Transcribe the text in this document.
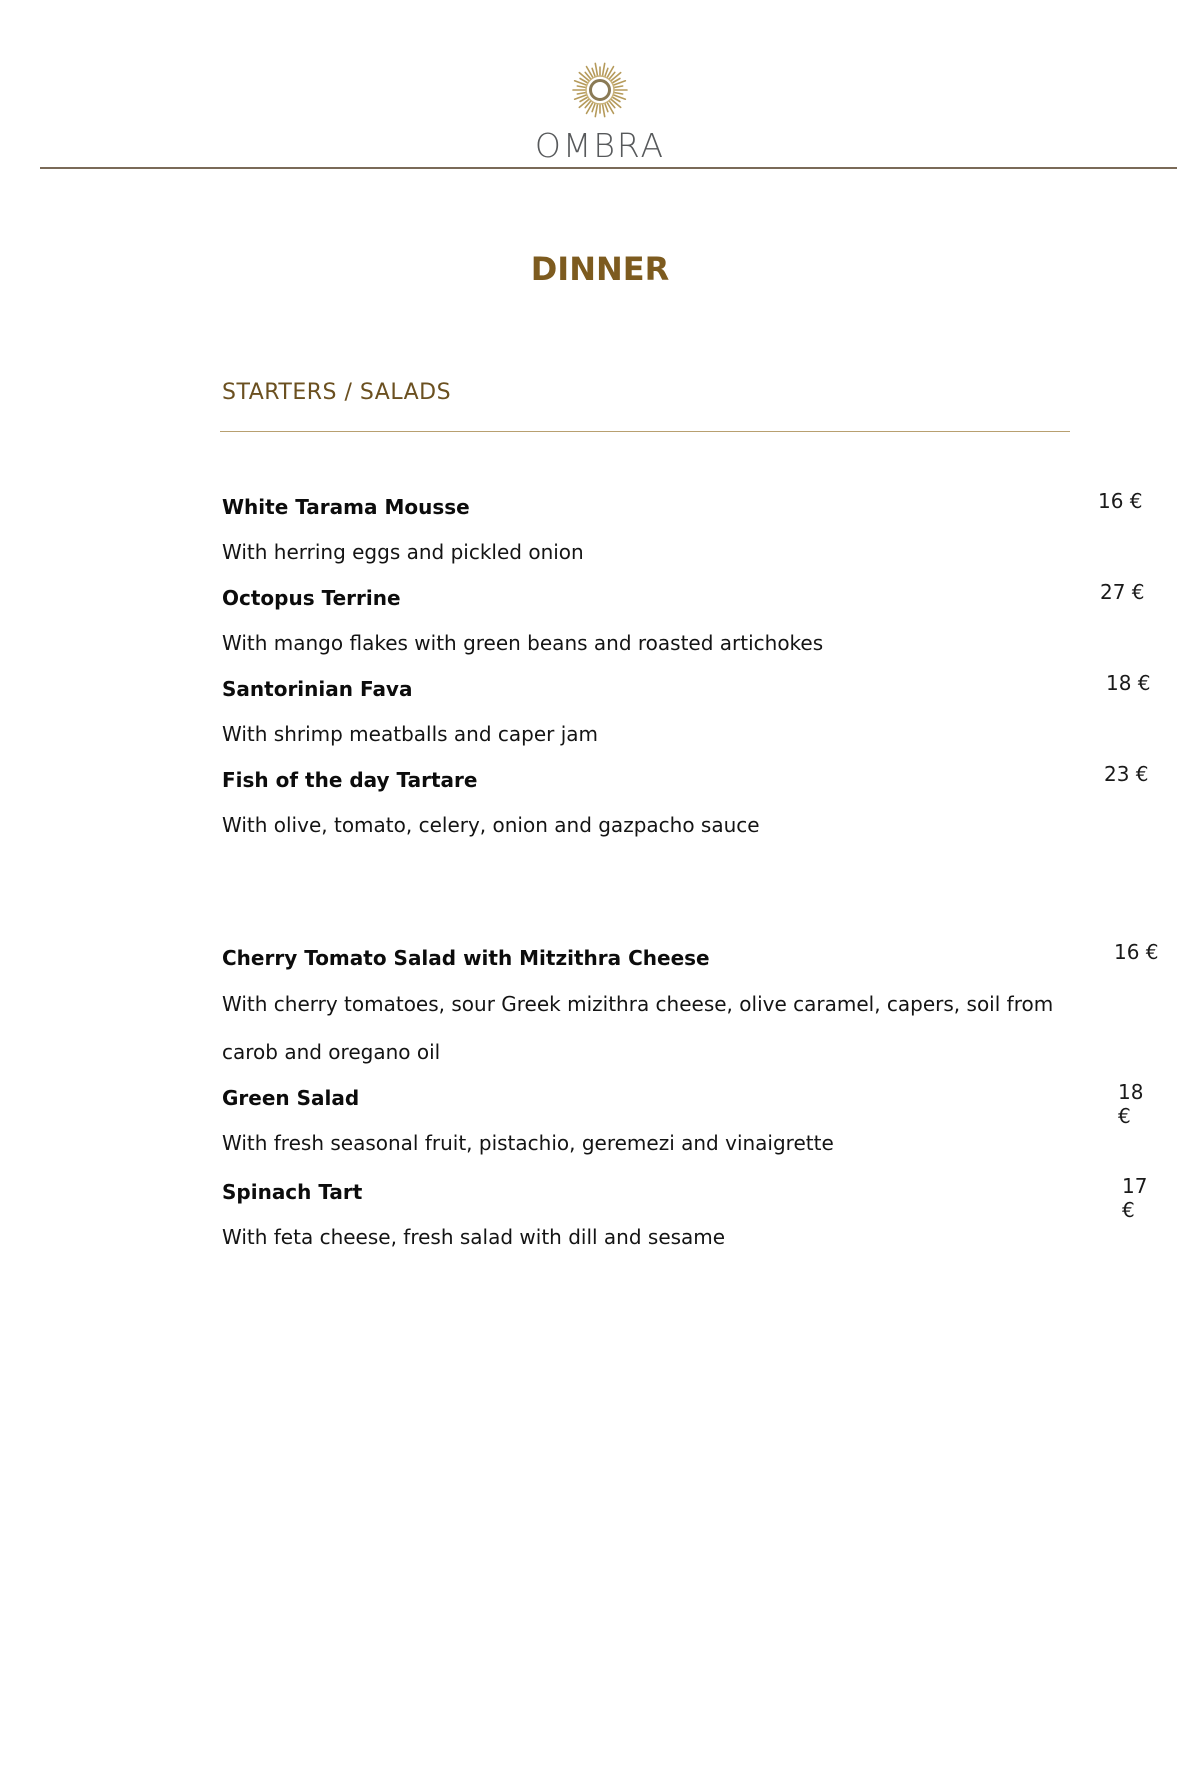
OMBRA
DINNER
STARTERS / SALADS
White Tarama Mousse
With herring eggs and pickled onion
16 €
Octopus Terrine
With mango flakes with green beans and roasted artichokes
27 €
Santorinian Fava
With shrimp meatballs and caper jam
18 €
Fish of the day Tartare
With olive, tomato, celery, onion and gazpacho sauce
23 €
Cherry Tomato Salad with Mitzithra Cheese
With cherry tomatoes, sour Greek mizithra cheese, olive caramel, capers, soil from carob and oregano oil
16 €
Green Salad
With fresh seasonal fruit, pistachio, geremezi and vinaigrette
18 €
Spinach Tart
With feta cheese, fresh salad with dill and sesame
17 €
